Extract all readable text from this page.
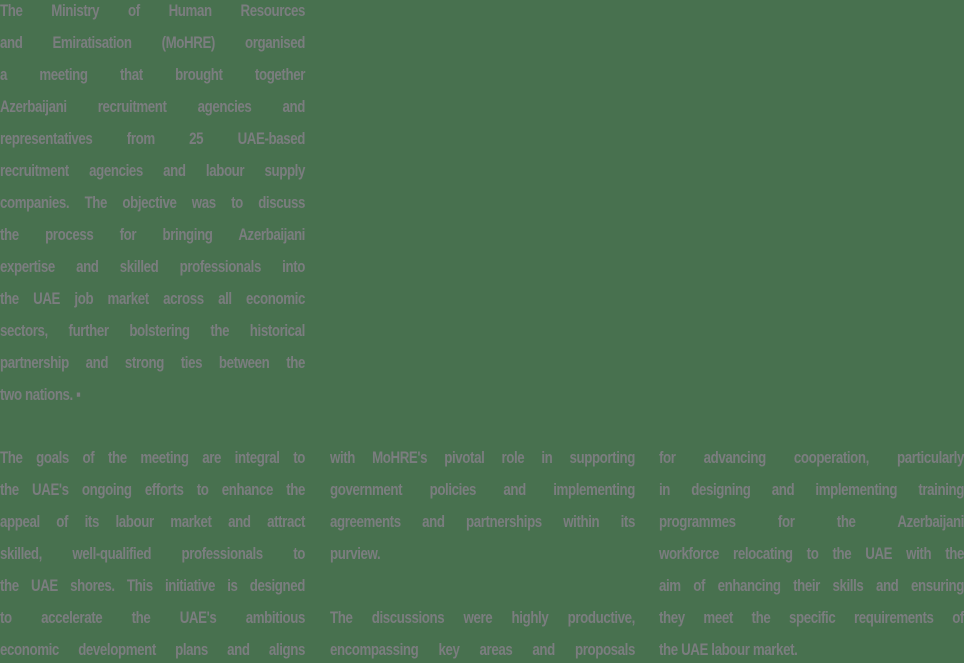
The Ministry of Human Resources
and Emiratisation (MoHRE) organised
a meeting that brought together
Azerbaijani recruitment agencies and
representatives from 25 UAE-based
recruitment agencies and labour supply
companies. The objective was to discuss
the process for bringing Azerbaijani
expertise and skilled professionals into
the UAE job market across all economic
sectors, further bolstering the historical
partnership and strong ties between the
two nations. ▪
The goals of the meeting are integral to
the UAE's ongoing efforts to enhance the
appeal of its labour market and attract
skilled, well-qualified professionals to
the UAE shores. This initiative is designed
to accelerate the UAE's ambitious
economic development plans and aligns
with MoHRE's pivotal role in supporting
government policies and implementing
agreements and partnerships within its
purview.
The discussions were highly productive,
encompassing key areas and proposals
for advancing cooperation, particularly
in designing and implementing training
programmes for the Azerbaijani
workforce relocating to the UAE with the
aim of enhancing their skills and ensuring
they meet the specific requirements of
the UAE labour market.
